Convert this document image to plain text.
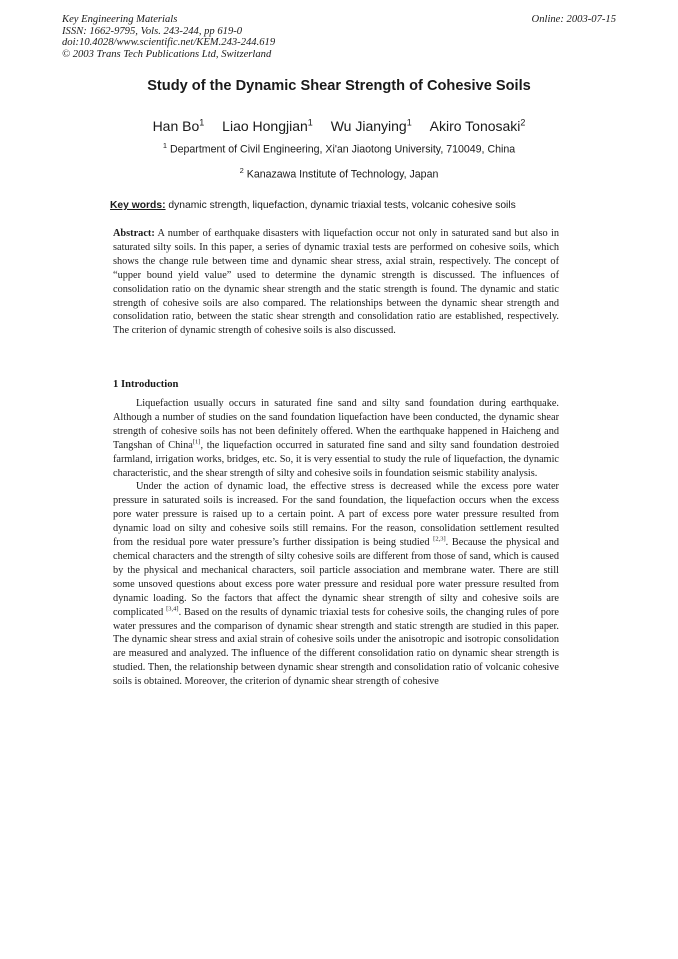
Key Engineering Materials
ISSN: 1662-9795, Vols. 243-244, pp 619-0
doi:10.4028/www.scientific.net/KEM.243-244.619
© 2003 Trans Tech Publications Ltd, Switzerland
Online: 2003-07-15
Study of the Dynamic Shear Strength of Cohesive Soils
Han Bo$^1$ Liao Hongjian$^1$ Wu Jianying$^1$ Akiro Tonosaki$^2$
$^1$ Department of Civil Engineering, Xi'an Jiaotong University, 710049, China
$^2$ Kanazawa Institute of Technology, Japan
Key words: dynamic strength, liquefaction, dynamic triaxial tests, volcanic cohesive soils
Abstract: A number of earthquake disasters with liquefaction occur not only in saturated sand but also in saturated silty soils. In this paper, a series of dynamic traxial tests are performed on cohesive soils, which shows the change rule between time and dynamic shear stress, axial strain, respectively. The concept of “upper bound yield value” used to determine the dynamic strength is discussed. The influences of consolidation ratio on the dynamic shear strength and the static strength is found. The dynamic and static strength of cohesive soils are also compared. The relationships between the dynamic shear strength and consolidation ratio, between the static shear strength and consolidation ratio are established, respectively. The criterion of dynamic strength of cohesive soils is also discussed.
1 Introduction

Liquefaction usually occurs in saturated fine sand and silty sand foundation during earthquake. Although a number of studies on the sand foundation liquefaction have been conducted, the dynamic shear strength of cohesive soils has not been definitely offered. When the earthquake happened in Haicheng and Tangshan of China[1], the liquefaction occurred in saturated fine sand and silty sand foundation destroied farmland, irrigation works, bridges, etc. So, it is very essential to study the rule of liquefaction, the dynamic characteristic, and the shear strength of silty and cohesive soils in foundation seismic stability analysis.

Under the action of dynamic load, the effective stress is decreased while the excess pore water pressure in saturated soils is increased. For the sand foundation, the liquefaction occurs when the excess pore water pressure is raised up to a certain point. A part of excess pore water pressure resulted from dynamic load on silty and cohesive soils still remains. For the reason, consolidation settlement resulted from the residual pore water pressure’s further dissipation is being studied [2,3]. Because the physical and chemical characters and the strength of silty cohesive soils are different from those of sand, which is caused by the physical and mechanical characters, soil particle association and membrane water. There are still some unsoved questions about excess pore water pressure and residual pore water pressure resulted from dynamic loading. So the factors that affect the dynamic shear strength of silty and cohesive soils are complicated [3,4]. Based on the results of dynamic triaxial tests for cohesive soils, the changing rules of pore water pressures and the comparison of dynamic shear strength and static strength are studied in this paper. The dynamic shear stress and axial strain of cohesive soils under the anisotropic and isotropic consolidation are measured and analyzed. The influence of the different consolidation ratio on dynamic shear strength is studied. Then, the relationship between dynamic shear strength and consolidation ratio of volcanic cohesive soils is obtained. Moreover, the criterion of dynamic shear strength of cohesive
